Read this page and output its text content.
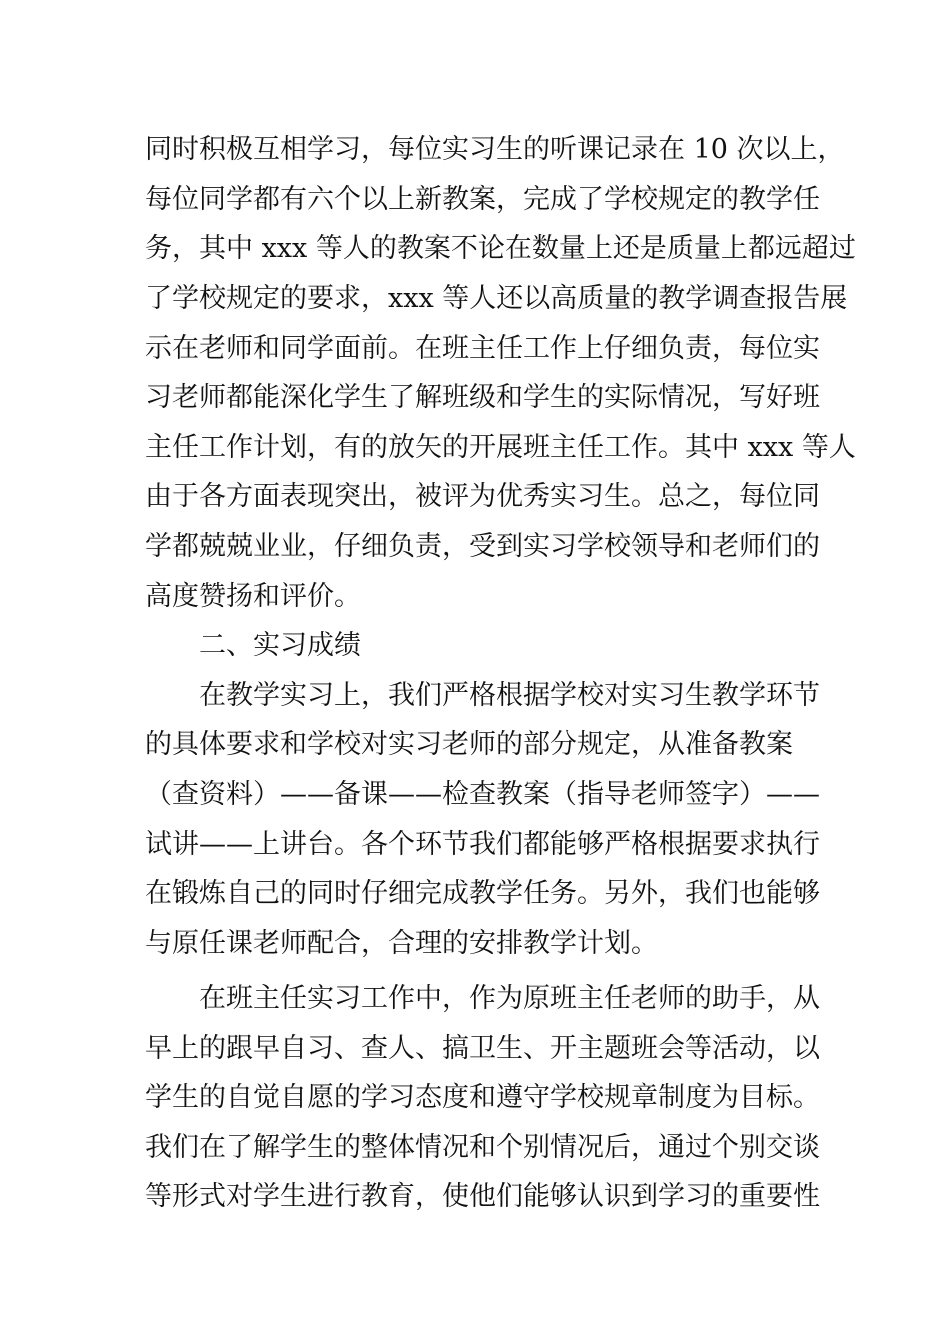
同时积极互相学习，每位实习生的听课记录在 10 次以上，
每位同学都有六个以上新教案，完成了学校规定的教学任
务，其中 xxx 等人的教案不论在数量上还是质量上都远超过
了学校规定的要求，xxx 等人还以高质量的教学调查报告展
示在老师和同学面前。在班主任工作上仔细负责，每位实
习老师都能深化学生了解班级和学生的实际情况，写好班
主任工作计划，有的放矢的开展班主任工作。其中 xxx 等人
由于各方面表现突出，被评为优秀实习生。总之，每位同
学都兢兢业业，仔细负责，受到实习学校领导和老师们的
高度赞扬和评价。
二、实习成绩
在教学实习上，我们严格根据学校对实习生教学环节
的具体要求和学校对实习老师的部分规定，从准备教案
（查资料）——备课——检查教案（指导老师签字）——
试讲——上讲台。各个环节我们都能够严格根据要求执行
在锻炼自己的同时仔细完成教学任务。另外，我们也能够
与原任课老师配合，合理的安排教学计划。
在班主任实习工作中，作为原班主任老师的助手，从
早上的跟早自习、查人、搞卫生、开主题班会等活动，以
学生的自觉自愿的学习态度和遵守学校规章制度为目标。
我们在了解学生的整体情况和个别情况后，通过个别交谈
等形式对学生进行教育，使他们能够认识到学习的重要性
